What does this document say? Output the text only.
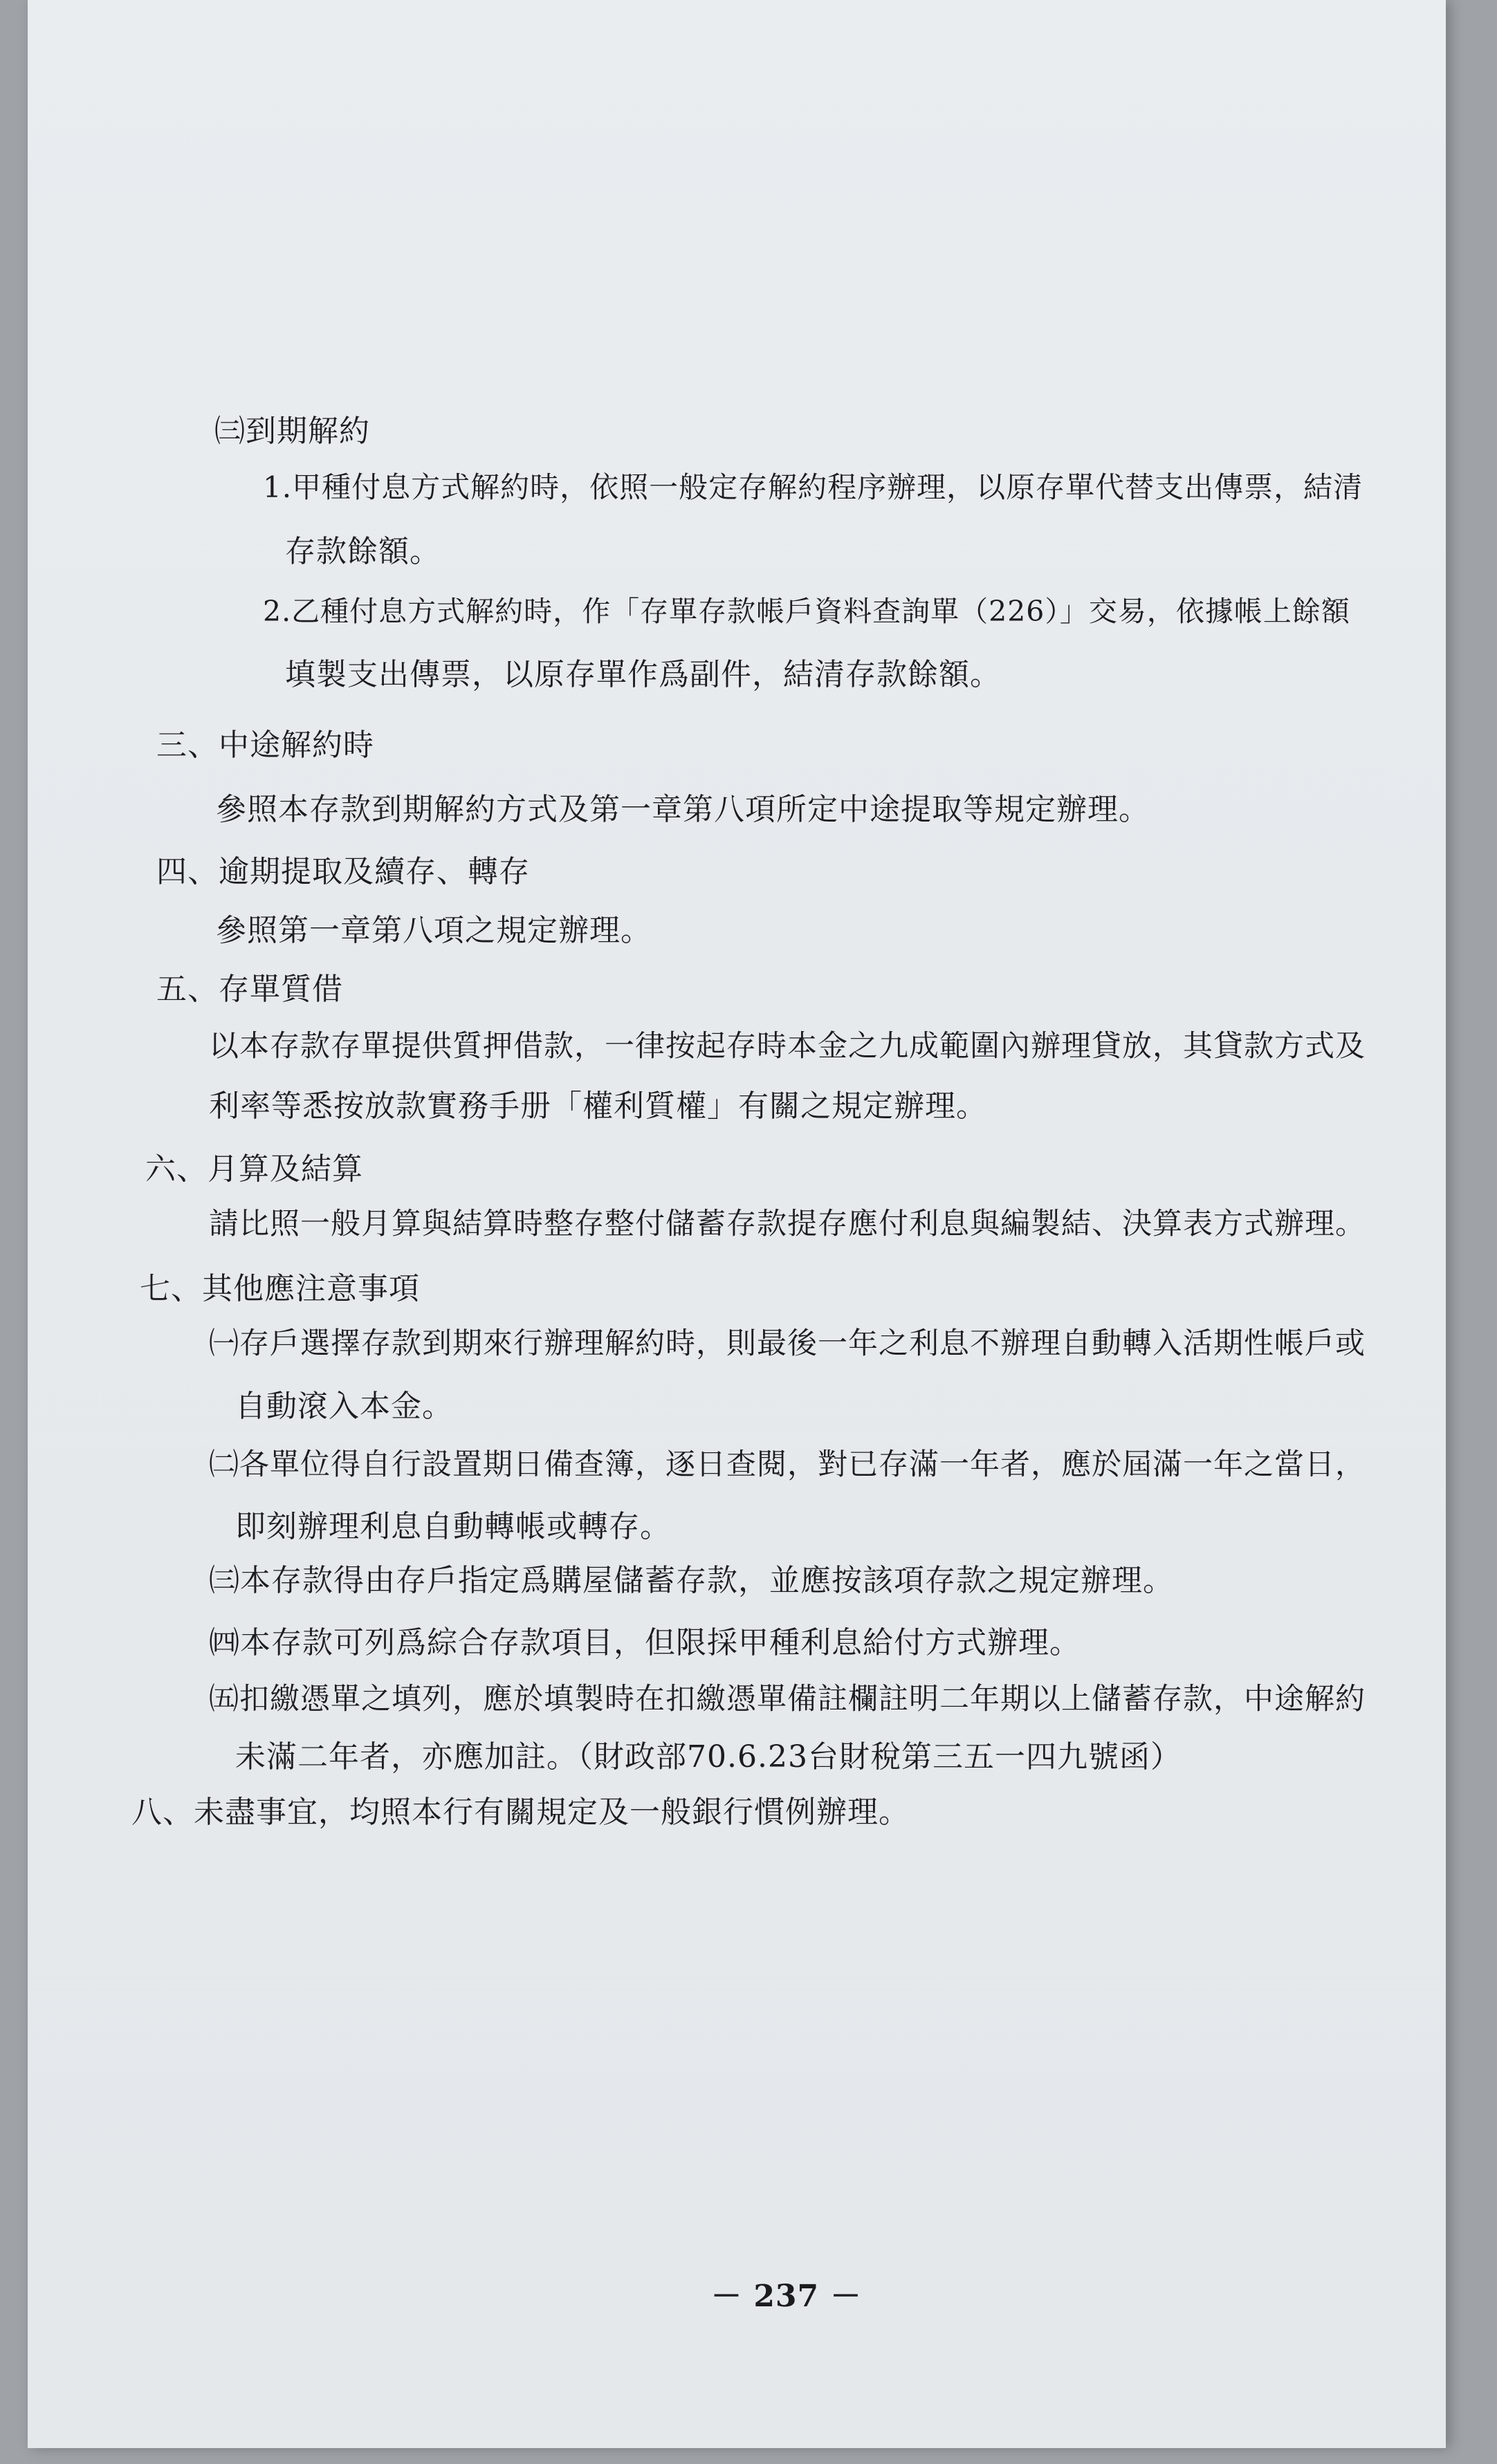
㈢到期解約
1.甲種付息方式解約時，依照一般定存解約程序辦理，以原存單代替支出傳票，結清
存款餘額。
2.乙種付息方式解約時，作「存單存款帳戶資料查詢單（226）」交易，依據帳上餘額
填製支出傳票，以原存單作爲副件，結清存款餘額。
三、中途解約時
參照本存款到期解約方式及第一章第八項所定中途提取等規定辦理。
四、逾期提取及續存、轉存
參照第一章第八項之規定辦理。
五、存單質借
以本存款存單提供質押借款，一律按起存時本金之九成範圍內辦理貸放，其貸款方式及
利率等悉按放款實務手册「權利質權」有關之規定辦理。
六、月算及結算
請比照一般月算與結算時整存整付儲蓄存款提存應付利息與編製結、決算表方式辦理。
七、其他應注意事項
㈠存戶選擇存款到期來行辦理解約時，則最後一年之利息不辦理自動轉入活期性帳戶或
自動滾入本金。
㈡各單位得自行設置期日備查簿，逐日查閱，對已存滿一年者，應於屆滿一年之當日，
即刻辦理利息自動轉帳或轉存。
㈢本存款得由存戶指定爲購屋儲蓄存款，並應按該項存款之規定辦理。
㈣本存款可列爲綜合存款項目，但限採甲種利息給付方式辦理。
㈤扣繳憑單之填列，應於填製時在扣繳憑單備註欄註明二年期以上儲蓄存款，中途解約
未滿二年者，亦應加註。（財政部70.6.23台財稅第三五一四九號函）
八、未盡事宜，均照本行有關規定及一般銀行慣例辦理。
－ 237 －
